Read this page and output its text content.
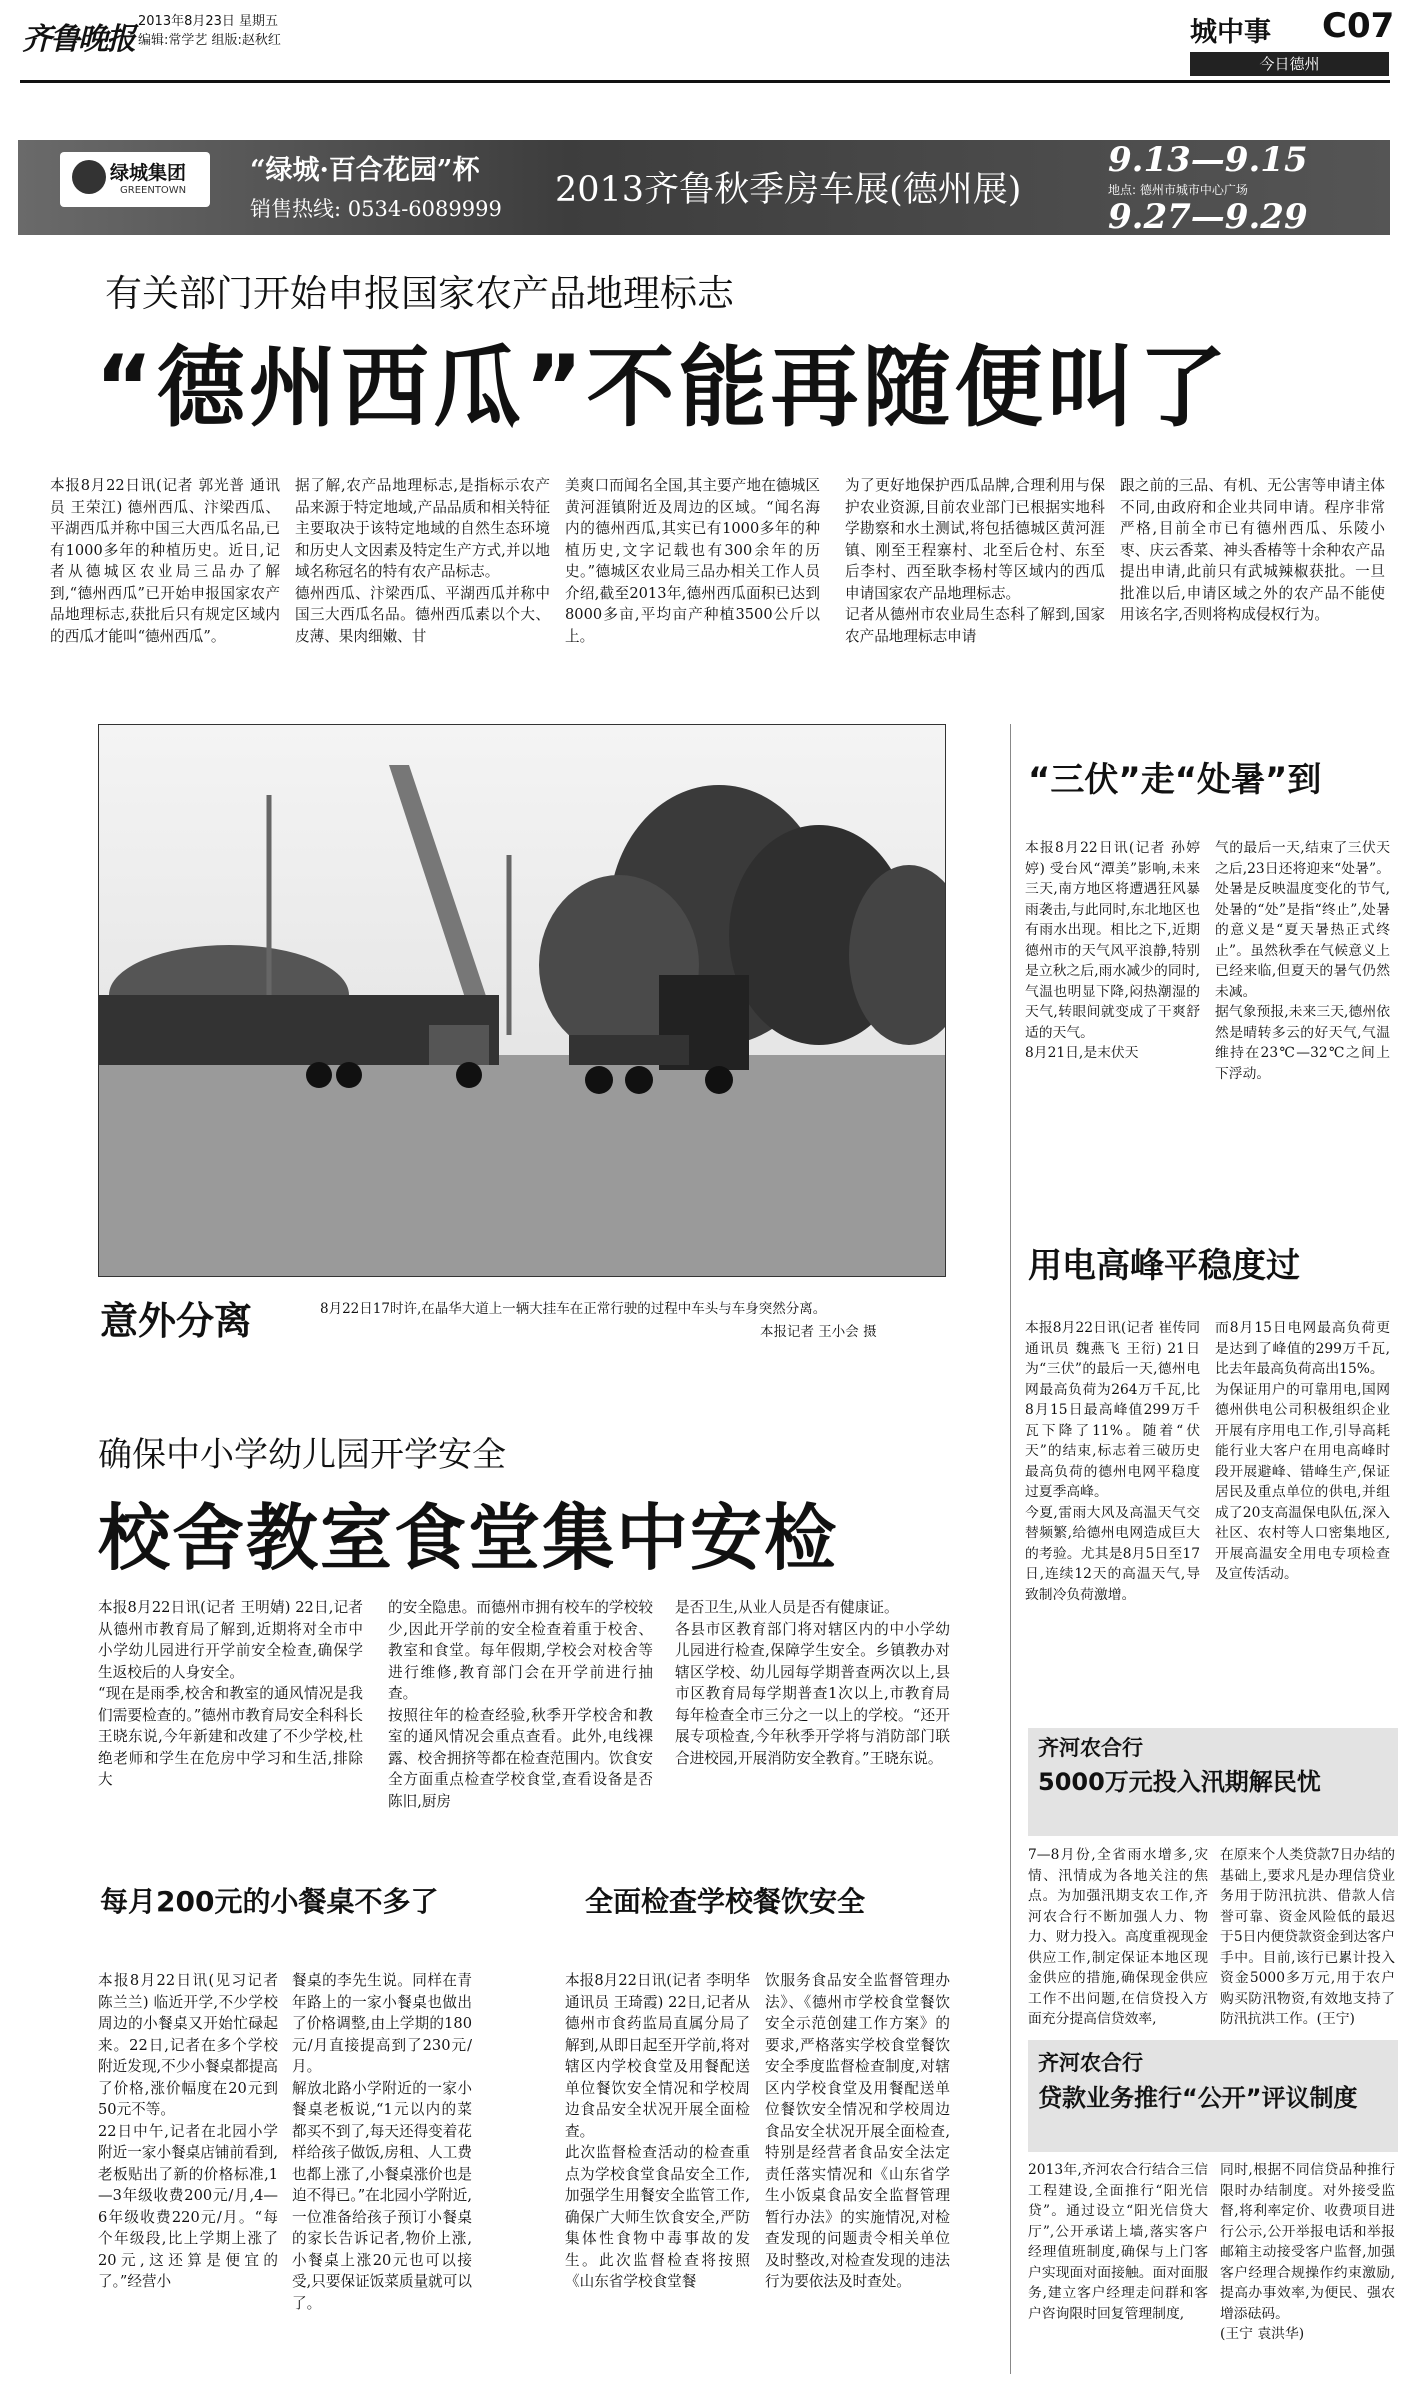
齐鲁晚报
2013年8月23日 星期五
编辑:常学艺 组版:赵秋红	城中事 C07
今日德州
绿城集团
GREENTOWN
“绿城·百合花园”杯
销售热线: 0534-6089999 2013齐鲁秋季房车展(德州展)
9.13—9.15
地点: 德州市城市中心广场
9.27—9.29
有关部门开始申报国家农产品地理标志
“德州西瓜”不能再随便叫了
本报8月22日讯(记者 郭光普 通讯员 王荣江) 德州西瓜、汴梁西瓜、平湖西瓜并称中国三大西瓜名品,已有1000多年的种植历史。近日,记者从德城区农业局三品办了解到,“德州西瓜”已开始申报国家农产品地理标志,获批后只有规定区域内的西瓜才能叫“德州西瓜”。
据了解,农产品地理标志,是指标示农产品来源于特定地域,产品品质和相关特征主要取决于该特定地域的自然生态环境和历史人文因素及特定生产方式,并以地域名称冠名的特有农产品标志。
德州西瓜、汴梁西瓜、平湖西瓜并称中国三大西瓜名品。德州西瓜素以个大、皮薄、果肉细嫩、甘
美爽口而闻名全国,其主要产地在德城区黄河涯镇附近及周边的区域。“闻名海内的德州西瓜,其实已有1000多年的种植历史,文字记载也有300余年的历史。”德城区农业局三品办相关工作人员介绍,截至2013年,德州西瓜面积已达到8000多亩,平均亩产种植3500公斤以上。
为了更好地保护西瓜品牌,合理利用与保护农业资源,目前农业部门已根据实地科学勘察和水土测试,将包括德城区黄河涯镇、刚至王程寨村、北至后仓村、东至后李村、西至耿李杨村等区域内的西瓜申请国家农产品地理标志。
记者从德州市农业局生态科了解到,国家农产品地理标志申请
跟之前的三品、有机、无公害等申请主体不同,由政府和企业共同申请。程序非常严格,目前全市已有德州西瓜、乐陵小枣、庆云香菜、神头香椿等十余种农产品提出申请,此前只有武城辣椒获批。一旦批准以后,申请区域之外的农产品不能使用该名字,否则将构成侵权行为。
意外分离	8月22日17时许,在晶华大道上一辆大挂车在正常行驶的过程中车头与车身突然分离。
本报记者 王小会 摄
“三伏”走“处暑”到
本报8月22日讯(记者 孙婷婷) 受台风“潭美”影响,未来三天,南方地区将遭遇狂风暴雨袭击,与此同时,东北地区也有雨水出现。相比之下,近期德州市的天气风平浪静,特别是立秋之后,雨水减少的同时,气温也明显下降,闷热潮湿的天气,转眼间就变成了干爽舒适的天气。
8月21日,是末伏天
气的最后一天,结束了三伏天之后,23日还将迎来“处暑”。处暑是反映温度变化的节气,处暑的“处”是指“终止”,处暑的意义是“夏天暑热正式终止”。虽然秋季在气候意义上已经来临,但夏天的暑气仍然未减。
据气象预报,未来三天,德州依然是晴转多云的好天气,气温维持在23℃—32℃之间上下浮动。
用电高峰平稳度过
本报8月22日讯(记者 崔传同 通讯员 魏燕飞 王衍) 21日为“三伏”的最后一天,德州电网最高负荷为264万千瓦,比8月15日最高峰值299万千瓦下降了11%。随着“伏天”的结束,标志着三破历史最高负荷的德州电网平稳度过夏季高峰。
今夏,雷雨大风及高温天气交替频繁,给德州电网造成巨大的考验。尤其是8月5日至17日,连续12天的高温天气,导致制冷负荷激增。
而8月15日电网最高负荷更是达到了峰值的299万千瓦,比去年最高负荷高出15%。
为保证用户的可靠用电,国网德州供电公司积极组织企业开展有序用电工作,引导高耗能行业大客户在用电高峰时段开展避峰、错峰生产,保证居民及重点单位的供电,并组成了20支高温保电队伍,深入社区、农村等人口密集地区,开展高温安全用电专项检查及宣传活动。
确保中小学幼儿园开学安全
校舍教室食堂集中安检
本报8月22日讯(记者 王明婧) 22日,记者从德州市教育局了解到,近期将对全市中小学幼儿园进行开学前安全检查,确保学生返校后的人身安全。
“现在是雨季,校舍和教室的通风情况是我们需要检查的。”德州市教育局安全科科长王晓东说,今年新建和改建了不少学校,杜绝老师和学生在危房中学习和生活,排除大
的安全隐患。而德州市拥有校车的学校较少,因此开学前的安全检查着重于校舍、教室和食堂。每年假期,学校会对校舍等进行维修,教育部门会在开学前进行抽查。
按照往年的检查经验,秋季开学校舍和教室的通风情况会重点查看。此外,电线裸露、校舍拥挤等都在检查范围内。饮食安全方面重点检查学校食堂,查看设备是否陈旧,厨房
是否卫生,从业人员是否有健康证。
各县市区教育部门将对辖区内的中小学幼儿园进行检查,保障学生安全。乡镇教办对辖区学校、幼儿园每学期普查两次以上,县市区教育局每学期普查1次以上,市教育局每年检查全市三分之一以上的学校。“还开展专项检查,今年秋季开学将与消防部门联合进校园,开展消防安全教育。”王晓东说。
每月200元的小餐桌不多了
本报8月22日讯(见习记者 陈兰兰) 临近开学,不少学校周边的小餐桌又开始忙碌起来。22日,记者在多个学校附近发现,不少小餐桌都提高了价格,涨价幅度在20元到50元不等。
22日中午,记者在北园小学附近一家小餐桌店铺前看到,老板贴出了新的价格标准,1—3年级收费200元/月,4—6年级收费220元/月。“每个年级段,比上学期上涨了20元,这还算是便宜的了。”经营小
餐桌的李先生说。同样在青年路上的一家小餐桌也做出了价格调整,由上学期的180元/月直接提高到了230元/月。
解放北路小学附近的一家小餐桌老板说,“1元以内的菜都买不到了,每天还得变着花样给孩子做饭,房租、人工费也都上涨了,小餐桌涨价也是迫不得已。”在北园小学附近,一位准备给孩子预订小餐桌的家长告诉记者,物价上涨,小餐桌上涨20元也可以接受,只要保证饭菜质量就可以了。
本报8月22日讯(记者 李明华 通讯员 王琦霞) 22日,记者从德州市食药监局直属分局了解到,从即日起至开学前,将对辖区内学校食堂及用餐配送单位餐饮安全情况和学校周边食品安全状况开展全面检查。
此次监督检查活动的检查重点为学校食堂食品安全工作,加强学生用餐安全监管工作,确保广大师生饮食安全,严防集体性食物中毒事故的发生。此次监督检查将按照《山东省学校食堂餐
饮服务食品安全监督管理办法》、《德州市学校食堂餐饮安全示范创建工作方案》的要求,严格落实学校食堂餐饮安全季度监督检查制度,对辖区内学校食堂及用餐配送单位餐饮安全情况和学校周边食品安全状况开展全面检查,特别是经营者食品安全法定责任落实情况和《山东省学生小饭桌食品安全监督管理暂行办法》的实施情况,对检查发现的问题责令相关单位及时整改,对检查发现的违法行为要依法及时查处。
全面检查学校餐饮安全
齐河农合行
5000万元投入汛期解民忧
7—8月份,全省雨水增多,灾情、汛情成为各地关注的焦点。为加强汛期支农工作,齐河农合行不断加强人力、物力、财力投入。高度重视现金供应工作,制定保证本地区现金供应的措施,确保现金供应工作不出问题,在信贷投入方面充分提高信贷效率,
在原来个人类贷款7日办结的基础上,要求凡是办理信贷业务用于防汛抗洪、借款人信誉可靠、资金风险低的最迟于5日内便贷款资金到达客户手中。目前,该行已累计投入资金5000多万元,用于农户购买防汛物资,有效地支持了防汛抗洪工作。(王宁)
齐河农合行
贷款业务推行“公开”评议制度
2013年,齐河农合行结合三信工程建设,全面推行“阳光信贷”。通过设立“阳光信贷大厅”,公开承诺上墙,落实客户经理值班制度,确保与上门客户实现面对面接触。面对面服务,建立客户经理走问群和客户咨询限时回复管理制度,
同时,根据不同信贷品种推行限时办结制度。对外接受监督,将利率定价、收费项目进行公示,公开举报电话和举报邮箱主动接受客户监督,加强客户经理合规操作约束激励,提高办事效率,为便民、强农增添砝码。
(王宁 袁洪华)
